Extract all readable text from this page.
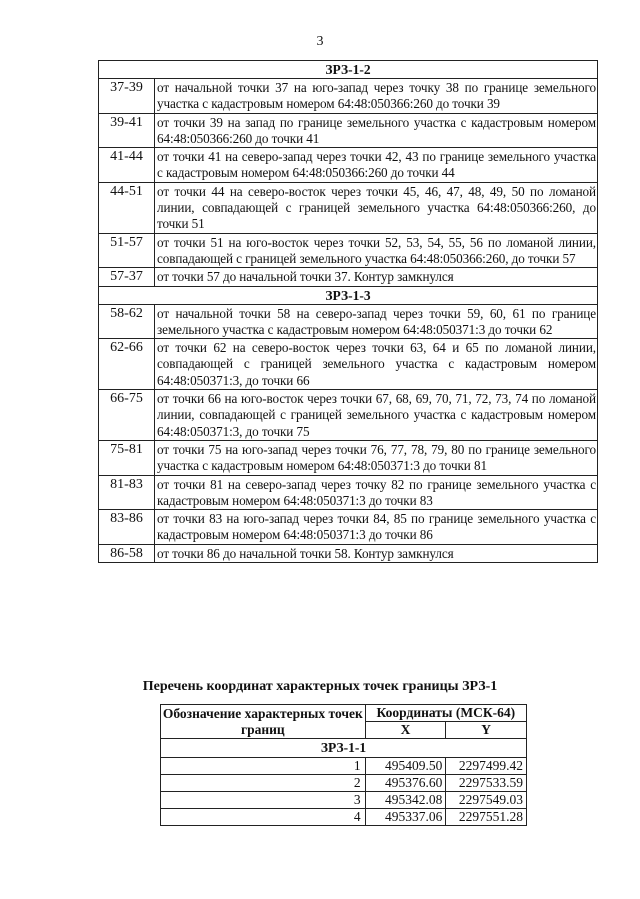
3
ЗРЗ-1-2	
37-39	от начальной точки 37 на юго-запад через точку 38 по границе земельного участка с кадастровым номером 64:48:050366:260 до точки 39
39-41	от точки 39 на запад по границе земельного участка с кадастровым номером 64:48:050366:260 до точки 41
41-44	от точки 41 на северо-запад через точки 42, 43 по границе земельного участка с кадастровым номером 64:48:050366:260 до точки 44
44-51	от точки 44 на северо-восток через точки 45, 46, 47, 48, 49, 50 по ломаной линии, совпадающей с границей земельного участка 64:48:050366:260, до точки 51
51-57	от точки 51 на юго-восток через точки 52, 53, 54, 55, 56 по ломаной линии, совпадающей с границей земельного участка 64:48:050366:260, до точки 57
57-37	от точки 57 до начальной точки 37. Контур замкнулся
ЗРЗ-1-3	
58-62	от начальной точки 58 на северо-запад через точки 59, 60, 61 по границе земельного участка с кадастровым номером 64:48:050371:3 до точки 62
62-66	от точки 62 на северо-восток через точки 63, 64 и 65 по ломаной линии, совпадающей с границей земельного участка с кадастровым номером 64:48:050371:3, до точки 66
66-75	от точки 66 на юго-восток через точки 67, 68, 69, 70, 71, 72, 73, 74 по ломаной линии, совпадающей с границей земельного участка с кадастровым номером 64:48:050371:3, до точки 75
75-81	от точки 75 на юго-запад через точки 76, 77, 78, 79, 80 по границе земельного участка с кадастровым номером 64:48:050371:3 до точки 81
81-83	от точки 81 на северо-запад через точку 82 по границе земельного участка с кадастровым номером 64:48:050371:3 до точки 83
83-86	от точки 83 на юго-запад через точки 84, 85 по границе земельного участка с кадастровым номером 64:48:050371:3 до точки 86
86-58	от точки 86 до начальной точки 58. Контур замкнулся
Перечень координат характерных точек границы ЗРЗ-1
Обозначение характерных точек границ	Координаты (МСК-64)	
	X	Y
ЗРЗ-1-1		
1	495409.50	2297499.42
2	495376.60	2297533.59
3	495342.08	2297549.03
4	495337.06	2297551.28
